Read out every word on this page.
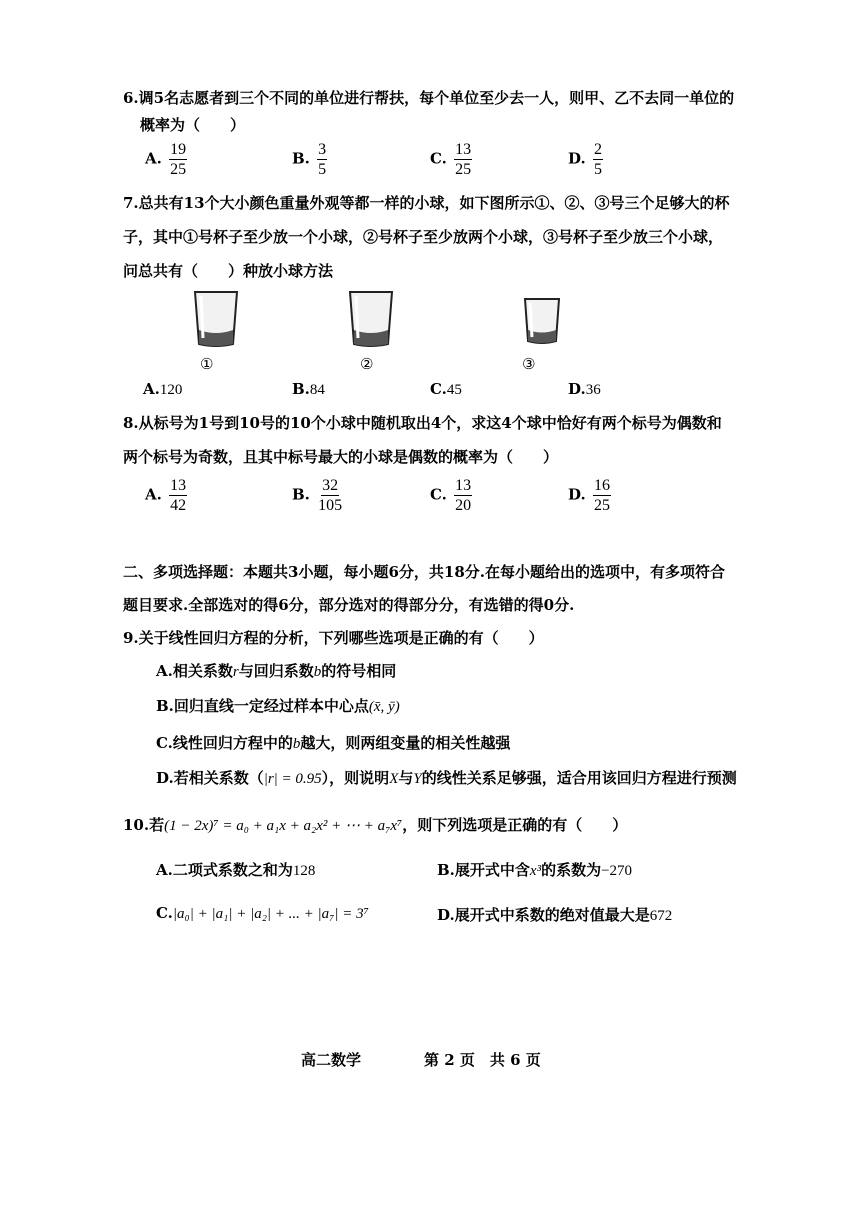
6.调5名志愿者到三个不同的单位进行帮扶，每个单位至少去一人，则甲、乙不去同一单位的
概率为（　　）
A. $\frac{19}{25}$	B. $\frac{3}{5}$	C. $\frac{13}{25}$	D. $\frac{2}{5}$
7.总共有13个大小颜色重量外观等都一样的小球，如下图所示①、②、③号三个足够大的杯
子，其中①号杯子至少放一个小球，②号杯子至少放两个小球，③号杯子至少放三个小球，
问总共有（　　）种放小球方法
①	②	③
A.120	B.84	C.45	D.36
8.从标号为1号到10号的10个小球中随机取出4个，求这4个球中恰好有两个标号为偶数和
两个标号为奇数，且其中标号最大的小球是偶数的概率为（　　）
A. $\frac{13}{42}$	B. $\frac{32}{105}$	C. $\frac{13}{20}$	D. $\frac{16}{25}$
二、多项选择题：本题共3小题，每小题6分，共18分.在每小题给出的选项中，有多项符合
题目要求.全部选对的得6分，部分选对的得部分分，有选错的得0分.
9.关于线性回归方程的分析，下列哪些选项是正确的有（　　）
A.相关系数r与回归系数b的符号相同
B.回归直线一定经过样本中心点(x̄, ȳ)
C.线性回归方程中的b越大，则两组变量的相关性越强
D.若相关系数（|r| = 0.95），则说明X与Y的线性关系足够强，适合用该回归方程进行预测
10.若(1 − 2x)⁷ = a₀ + a₁x + a₂x² + ⋯ + a₇x⁷，则下列选项是正确的有（　　）
A.二项式系数之和为128	B.展开式中含x³的系数为−270
C.|a₀| + |a₁| + |a₂| + ... + |a₇| = 3⁷	D.展开式中系数的绝对值最大是672
高二数学	第 2 页　共 6 页
